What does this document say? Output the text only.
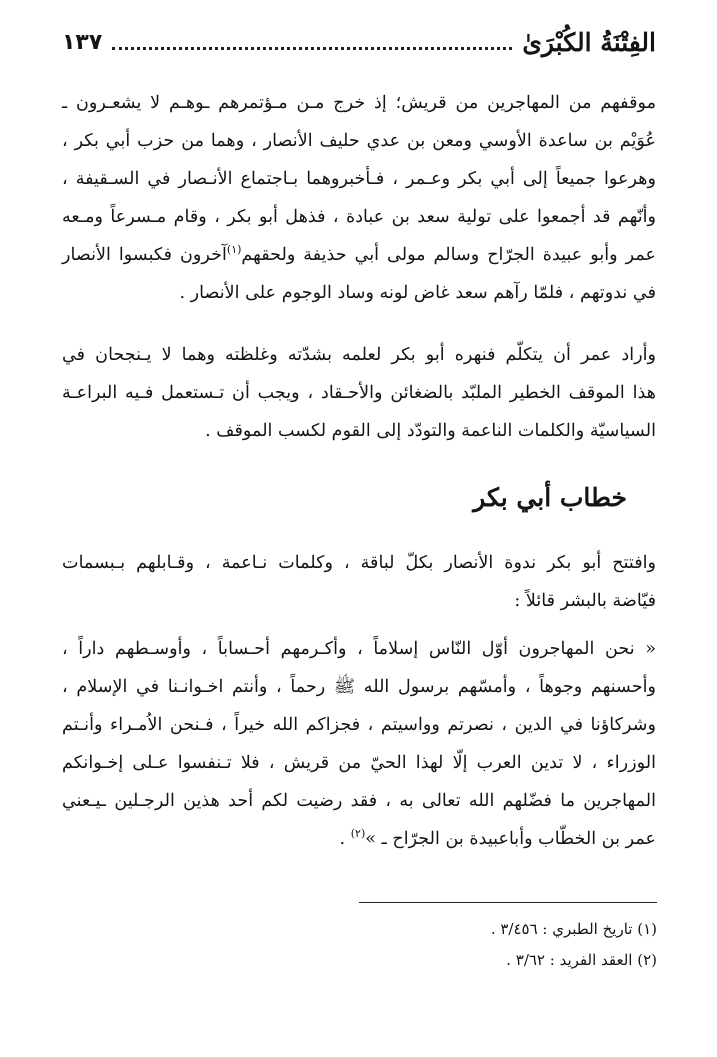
الفِتْنَةُ الكُبْرَىٰ
١٣٧
موقفهم من المهاجرين من قريش؛ إذ خرج مـن مـؤتمرهم ـوهـم لا يشعـرون ـ
عُوَيْم بن ساعدة الأوسي ومعن بن عدي حليف الأنصار ، وهما من حزب أبي بكر ،
وهرعوا جميعاً إلى أبي بكر وعـمر ، فـأخبروهما بـاجتماع الأنـصار في السـقيفة ،
وأنّهم قد أجمعوا على تولية سعد بن عبادة ، فذهل أبو بكر ، وقام مـسرعاً ومـعه
عمر وأبو عبيدة الجرّاح وسالم مولى أبي حذيفة ولحقهم$^{(١)}$آخرون فكبسوا الأنصار
في ندوتهم ، فلمّا رآهم سعد غاض لونه وساد الوجوم على الأنصار .
وأراد عمر أن يتكلّم فنهره أبو بكر لعلمه بشدّته وغلظته وهما لا يـنجحان في
هذا الموقف الخطير الملبّد بالضغائن والأحـقاد ، ويجب أن تـستعمل فـيه البراعـة
السياسيّة والكلمات الناعمة والتودّد إلى القوم لكسب الموقف .
خطاب أبي بكر
وافتتح أبو بكر ندوة الأنصار بكلّ لباقة ، وكلمات نـاعمة ، وقـابلهم بـبسمات
فيّاضة بالبشر قائلاً :
« نحن المهاجرون أوّل النّاس إسلاماً ، وأكـرمهم أحـساباً ، وأوسـطهم داراً ،
وأحسنهم وجوهاً ، وأمسّهم برسول الله ﷺ رحماً ، وأنتم اخـوانـنا في الإسلام ،
وشركاؤنا في الدين ، نصرتم وواسيتم ، فجزاكم الله خيراً ، فـنحن الاُمـراء وأنـتم
الوزراء ، لا تدين العرب إلّا لهذا الحيّ من قريش ، فلا تـنفسوا عـلى إخـوانكم
المهاجرين ما فضّلهم الله تعالى به ، فقد رضيت لكم أحد هذين الرجـلين ـيـعني
عمر بن الخطّاب وأباعبيدة بن الجرّاح ـ »$^{(٢)}$ .
(١) تاريخ الطبري : ٣/٤٥٦ .
(٢) العقد الفريد : ٣/٦٢ .
